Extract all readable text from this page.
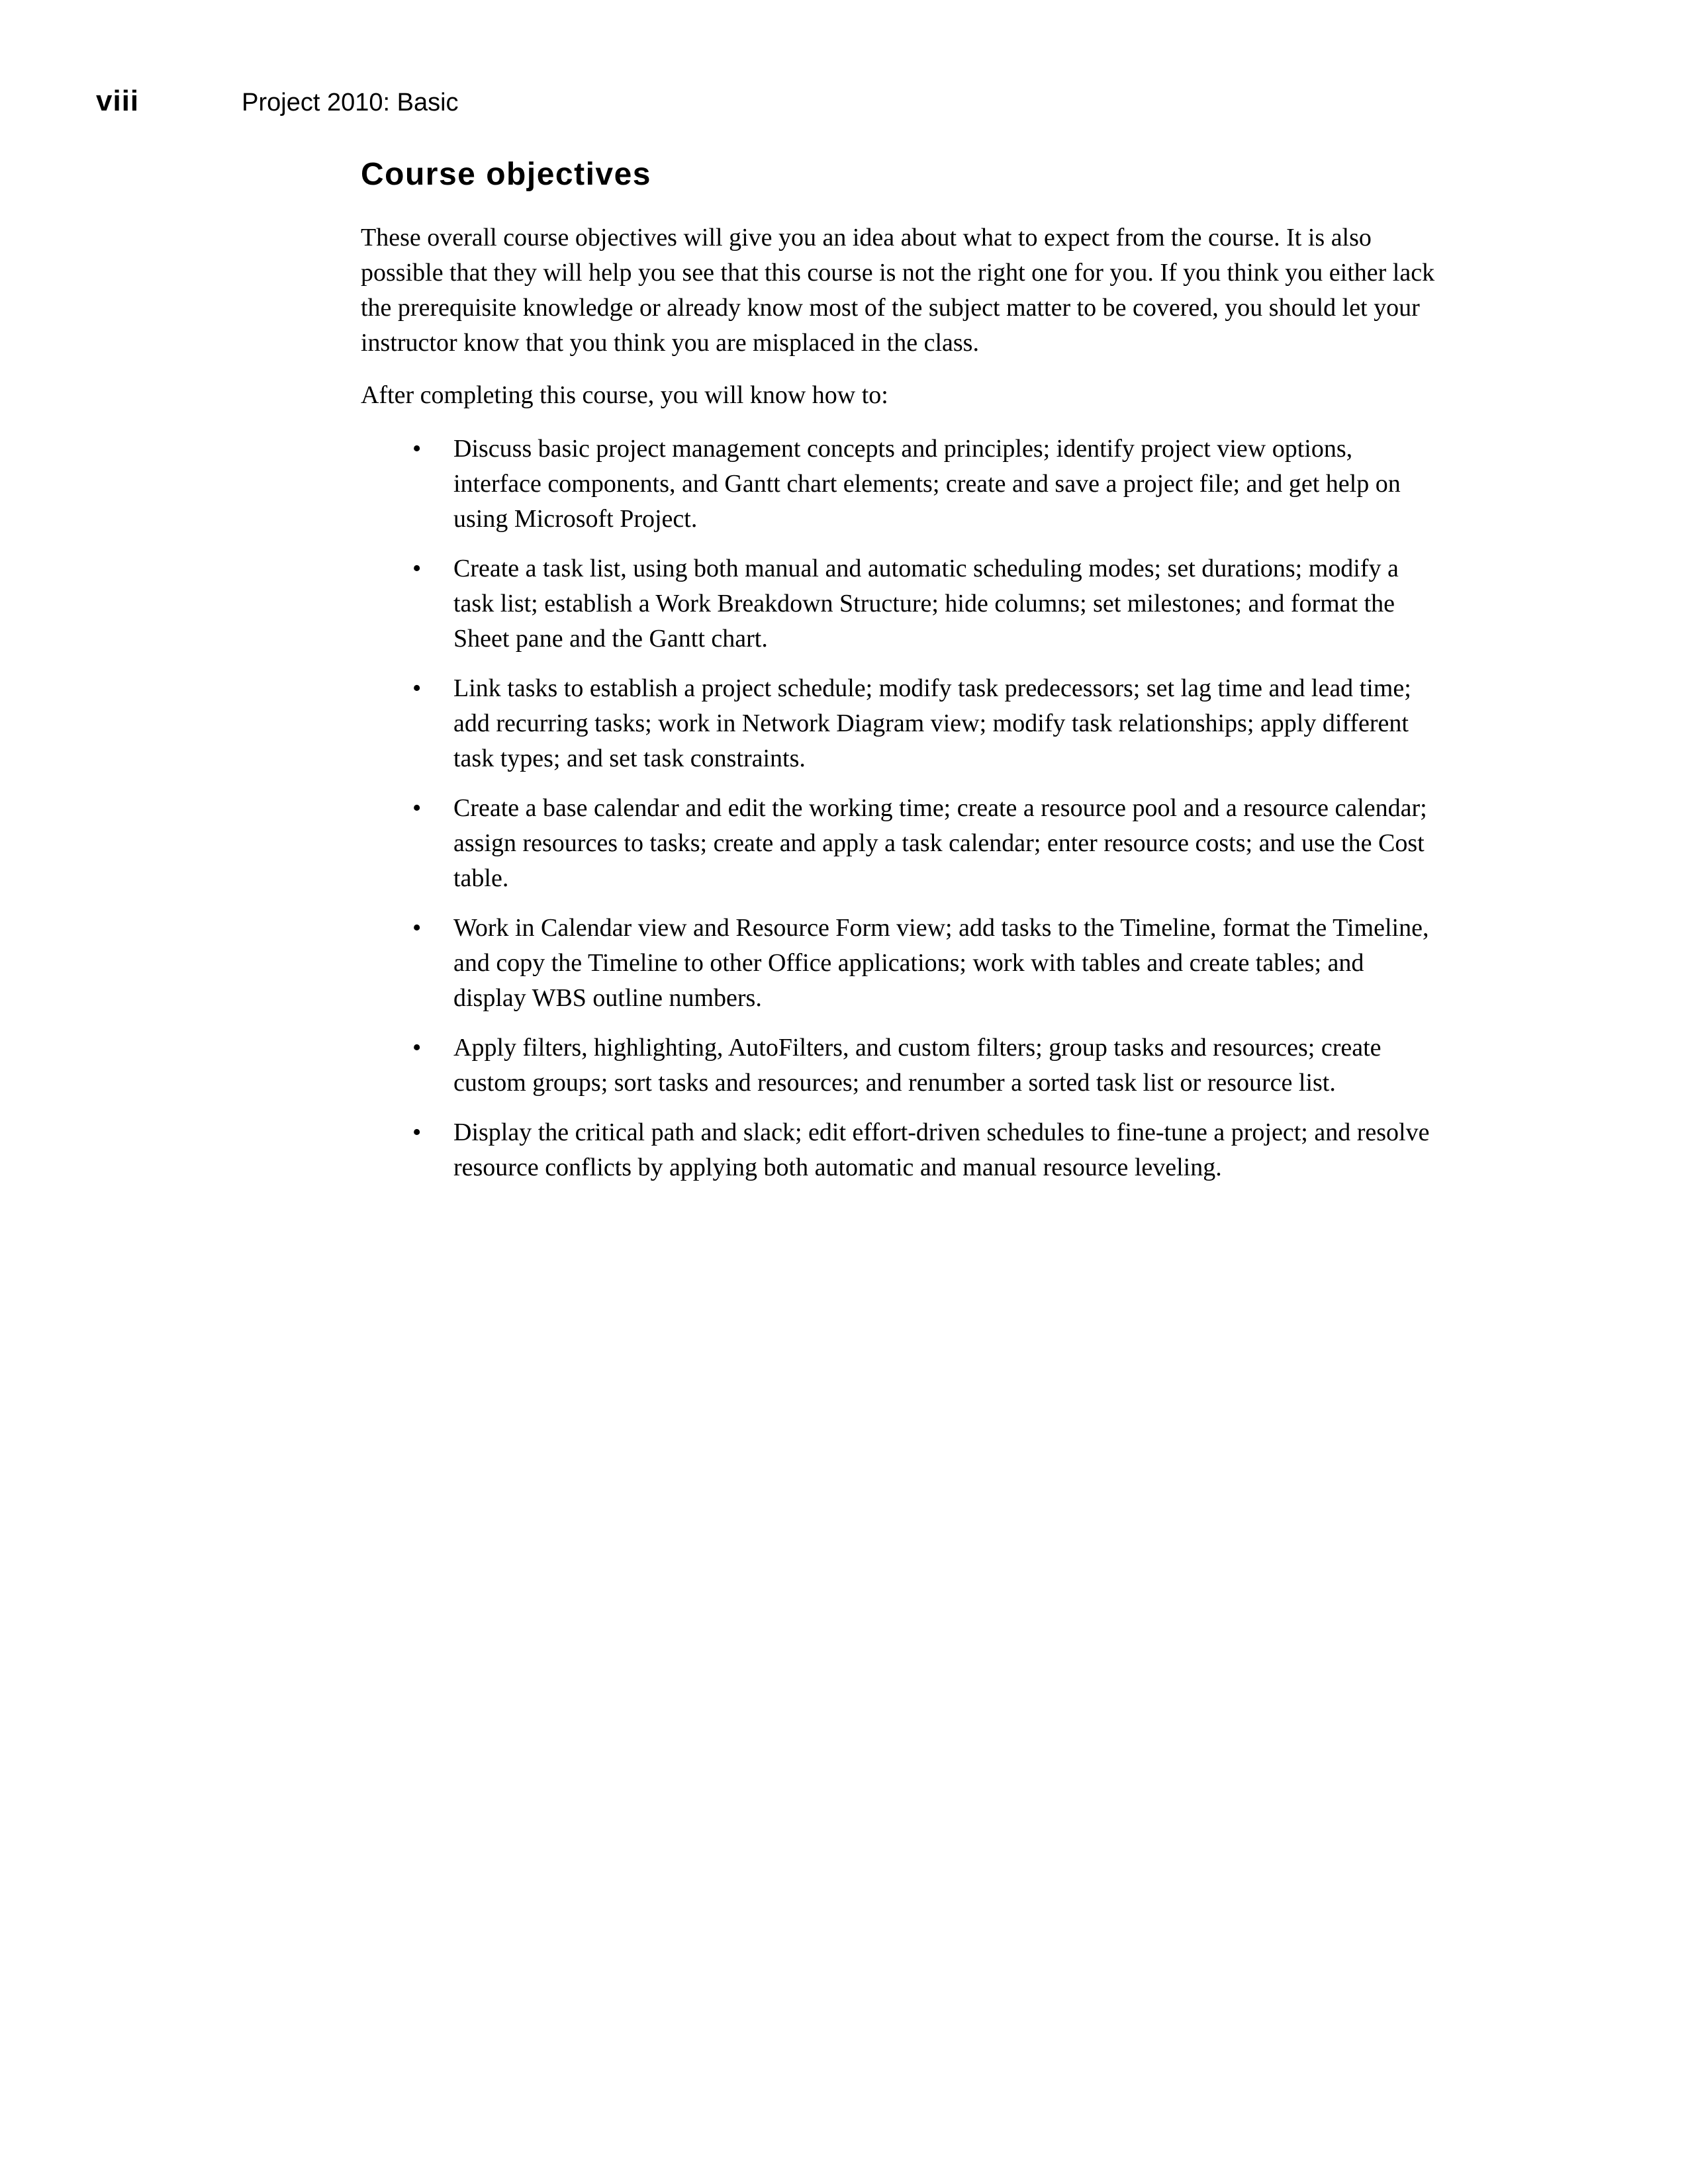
viii	Project 2010: Basic
Course objectives

These overall course objectives will give you an idea about what to expect from the course. It is also possible that they will help you see that this course is not the right one for you. If you think you either lack the prerequisite knowledge or already know most of the subject matter to be covered, you should let your instructor know that you think you are misplaced in the class.

After completing this course, you will know how to:

• Discuss basic project management concepts and principles; identify project view options, interface components, and Gantt chart elements; create and save a project file; and get help on using Microsoft Project.
• Create a task list, using both manual and automatic scheduling modes; set durations; modify a task list; establish a Work Breakdown Structure; hide columns; set milestones; and format the Sheet pane and the Gantt chart.
• Link tasks to establish a project schedule; modify task predecessors; set lag time and lead time; add recurring tasks; work in Network Diagram view; modify task relationships; apply different task types; and set task constraints.
• Create a base calendar and edit the working time; create a resource pool and a resource calendar; assign resources to tasks; create and apply a task calendar; enter resource costs; and use the Cost table.
• Work in Calendar view and Resource Form view; add tasks to the Timeline, format the Timeline, and copy the Timeline to other Office applications; work with tables and create tables; and display WBS outline numbers.
• Apply filters, highlighting, AutoFilters, and custom filters; group tasks and resources; create custom groups; sort tasks and resources; and renumber a sorted task list or resource list.
• Display the critical path and slack; edit effort-driven schedules to fine-tune a project; and resolve resource conflicts by applying both automatic and manual resource leveling.
